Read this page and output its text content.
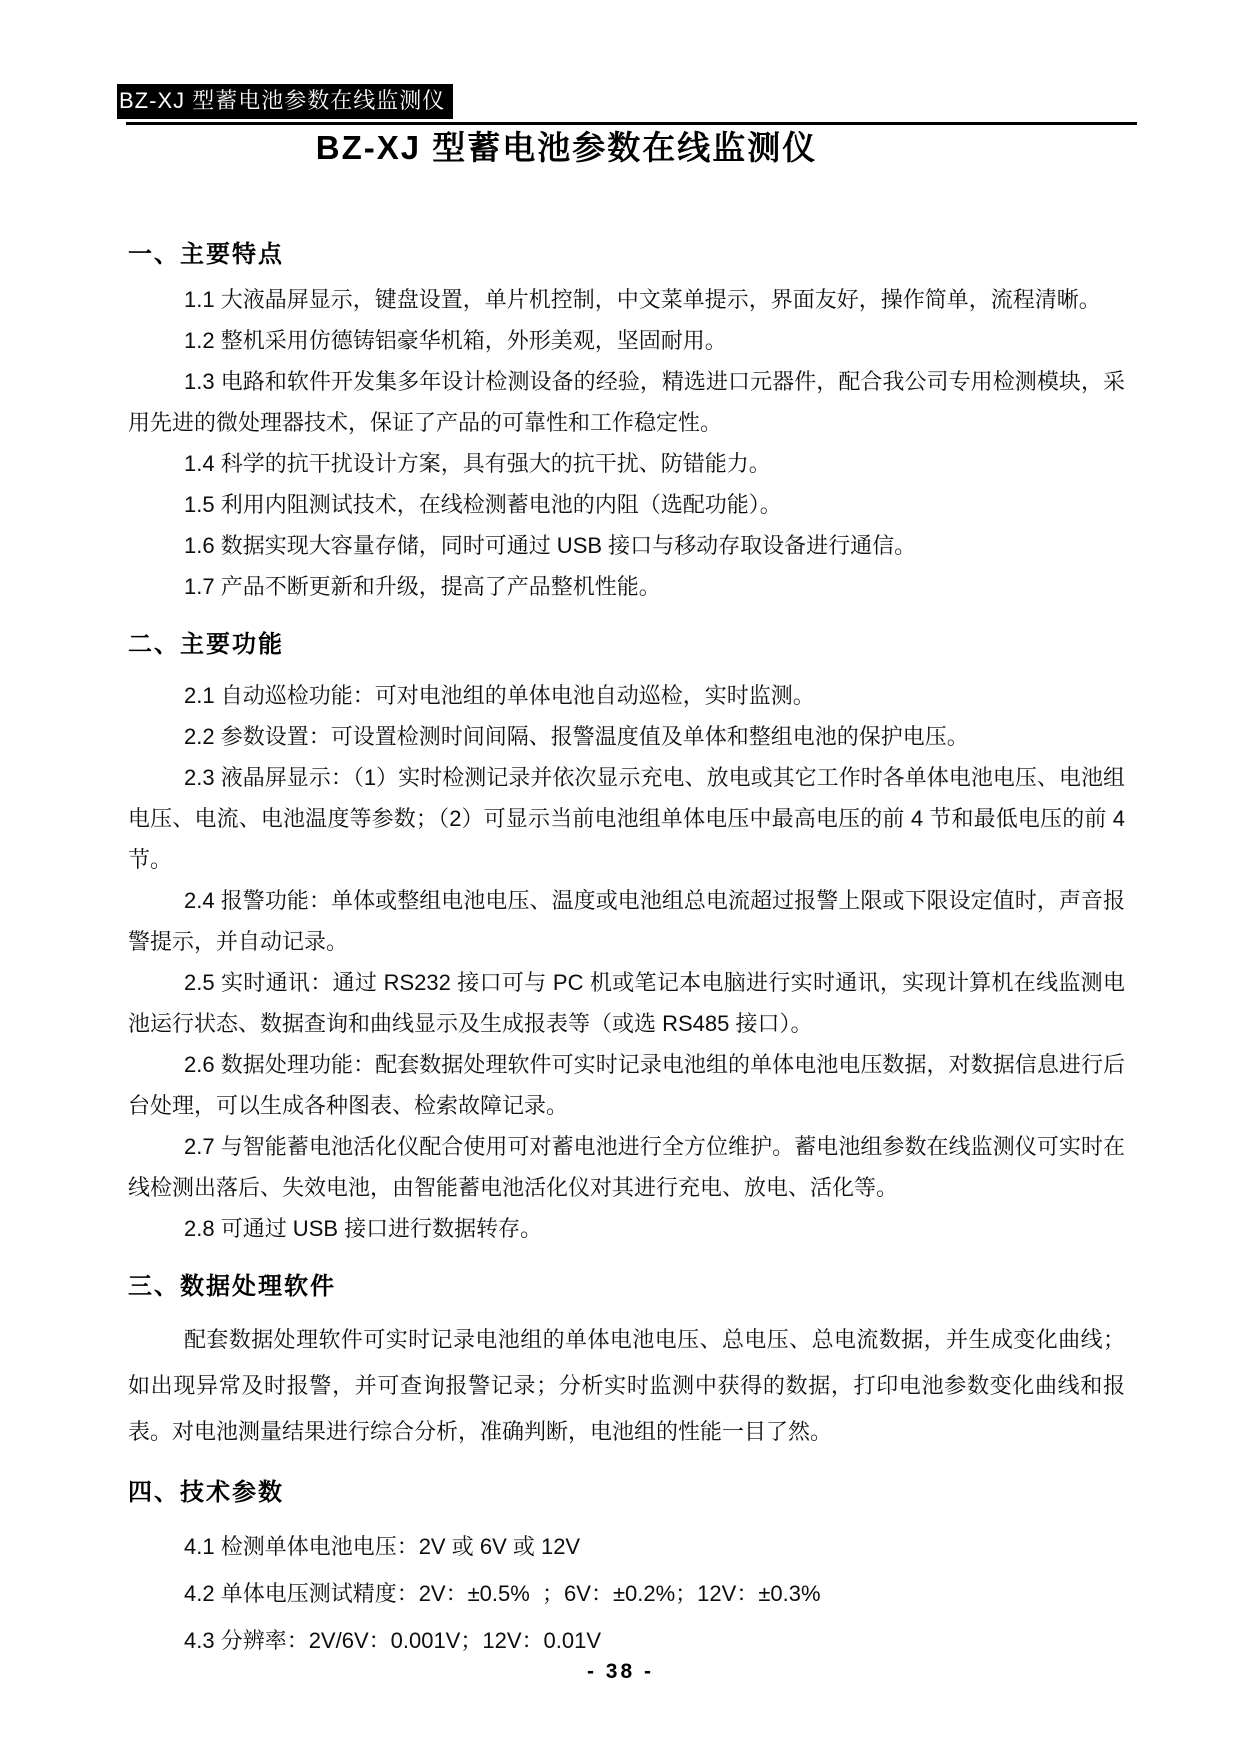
BZ-XJ 型蓄电池参数在线监测仪
BZ-XJ 型蓄电池参数在线监测仪
一、主要特点

1.1 大液晶屏显示，键盘设置，单片机控制，中文菜单提示，界面友好，操作简单，流程清晰。

1.2 整机采用仿德铸铝豪华机箱，外形美观，坚固耐用。

1.3 电路和软件开发集多年设计检测设备的经验，精选进口元器件，配合我公司专用检测模块，采用先进的微处理器技术，保证了产品的可靠性和工作稳定性。

1.4 科学的抗干扰设计方案，具有强大的抗干扰、防错能力。

1.5 利用内阻测试技术，在线检测蓄电池的内阻（选配功能）。

1.6 数据实现大容量存储，同时可通过 USB 接口与移动存取设备进行通信。

1.7 产品不断更新和升级，提高了产品整机性能。

二、主要功能

2.1 自动巡检功能：可对电池组的单体电池自动巡检，实时监测。

2.2 参数设置：可设置检测时间间隔、报警温度值及单体和整组电池的保护电压。

2.3 液晶屏显示：（1）实时检测记录并依次显示充电、放电或其它工作时各单体电池电压、电池组电压、电流、电池温度等参数；（2）可显示当前电池组单体电压中最高电压的前 4 节和最低电压的前 4 节。

2.4 报警功能：单体或整组电池电压、温度或电池组总电流超过报警上限或下限设定值时，声音报警提示，并自动记录。

2.5 实时通讯：通过 RS232 接口可与 PC 机或笔记本电脑进行实时通讯，实现计算机在线监测电池运行状态、数据查询和曲线显示及生成报表等（或选 RS485 接口）。

2.6 数据处理功能：配套数据处理软件可实时记录电池组的单体电池电压数据，对数据信息进行后台处理，可以生成各种图表、检索故障记录。

2.7 与智能蓄电池活化仪配合使用可对蓄电池进行全方位维护。蓄电池组参数在线监测仪可实时在线检测出落后、失效电池，由智能蓄电池活化仪对其进行充电、放电、活化等。

2.8 可通过 USB 接口进行数据转存。

三、数据处理软件

配套数据处理软件可实时记录电池组的单体电池电压、总电压、总电流数据，并生成变化曲线；如出现异常及时报警，并可查询报警记录；分析实时监测中获得的数据，打印电池参数变化曲线和报表。对电池测量结果进行综合分析，准确判断，电池组的性能一目了然。

四、技术参数

4.1 检测单体电池电压：2V 或 6V 或 12V

4.2 单体电压测试精度：2V：±0.5%  ；6V：±0.2%；12V：±0.3%

4.3 分辨率：2V/6V：0.001V；12V：0.01V

- 38 -
